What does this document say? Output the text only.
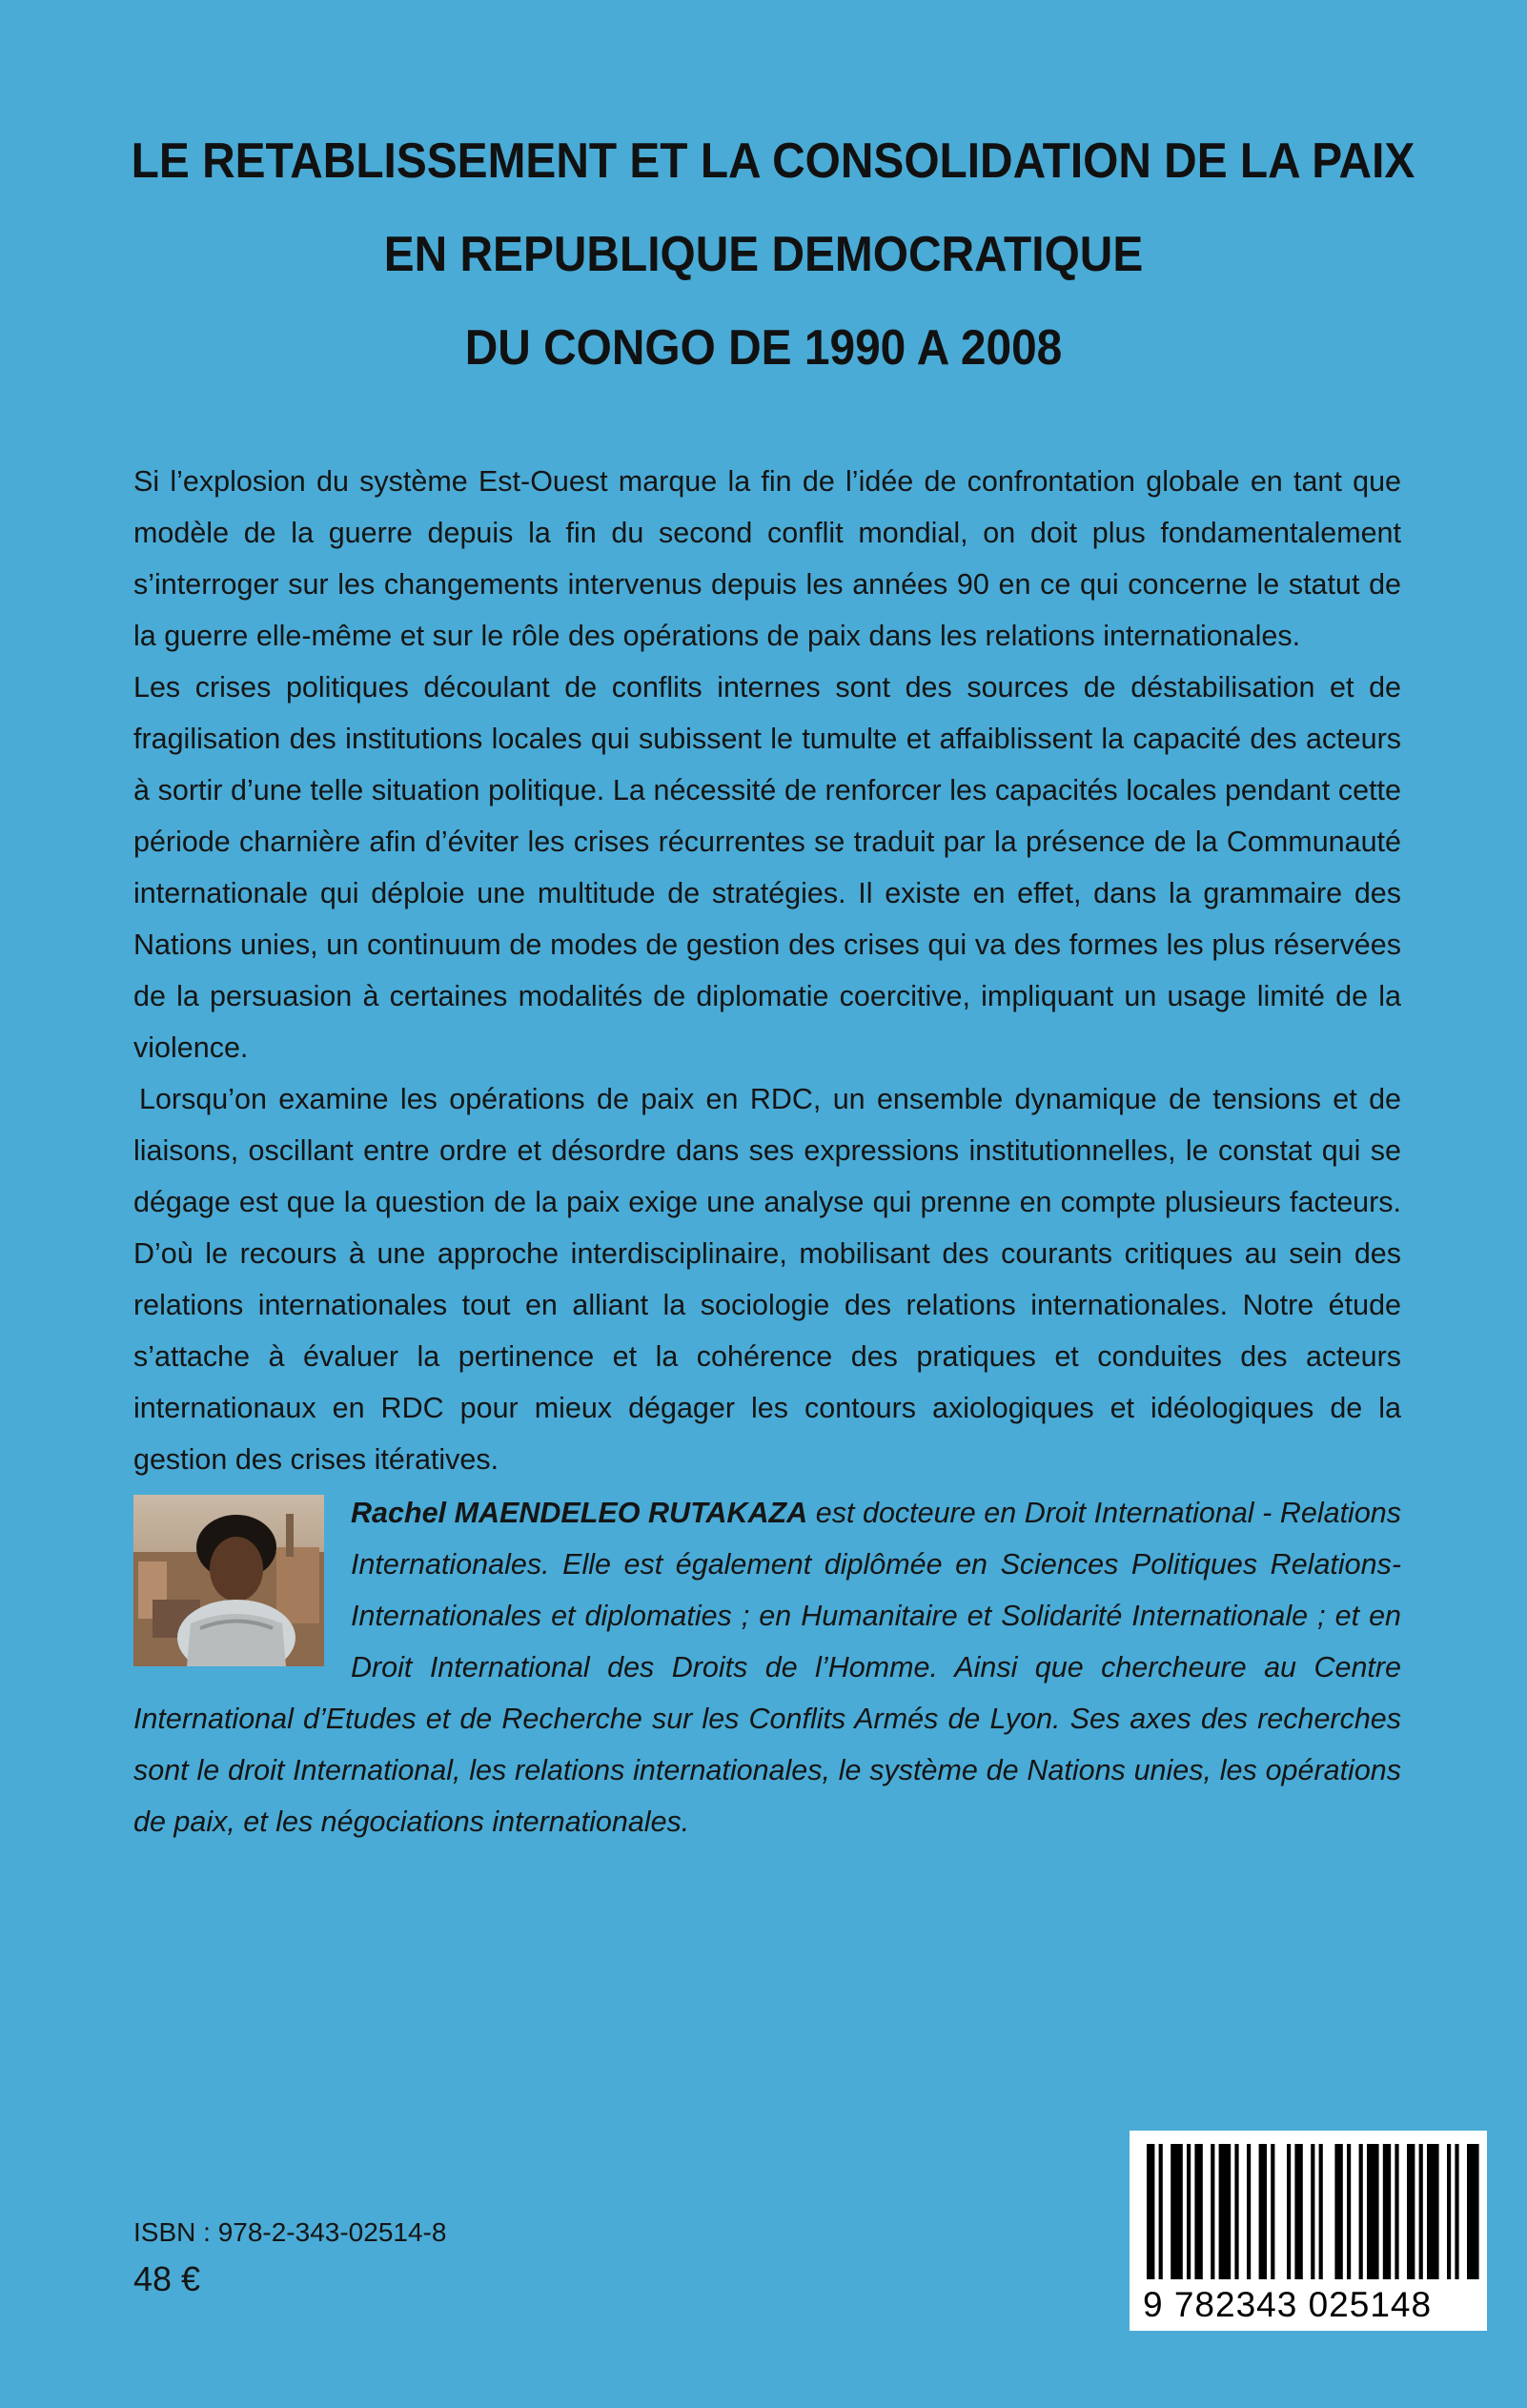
LE RETABLISSEMENT ET LA CONSOLIDATION DE LA PAIX
EN REPUBLIQUE DEMOCRATIQUE
DU CONGO DE 1990 A 2008

Si l’explosion du système Est-Ouest marque la fin de l’idée de confrontation globale en tant que modèle de la guerre depuis la fin du second conflit mondial, on doit plus fondamentalement s’interroger sur les changements intervenus depuis les années 90 en ce qui concerne le statut de la guerre elle-même et sur le rôle des opérations de paix dans les relations internationales.

Les crises politiques découlant de conflits internes sont des sources de déstabilisation et de fragilisation des institutions locales qui subissent le tumulte et affaiblissent la capacité des acteurs à sortir d’une telle situation politique. La nécessité de renforcer les capacités locales pendant cette période charnière afin d’éviter les crises récurrentes se traduit par la présence de la Communauté internationale qui déploie une multitude de stratégies. Il existe en effet, dans la grammaire des Nations unies, un continuum de modes de gestion des crises qui va des formes les plus réservées de la persuasion à certaines modalités de diplomatie coercitive, impliquant un usage limité de la violence.

Lorsqu’on examine les opérations de paix en RDC, un ensemble dynamique de tensions et de liaisons, oscillant entre ordre et désordre dans ses expressions institutionnelles, le constat qui se dégage est que la question de la paix exige une analyse qui prenne en compte plusieurs facteurs. D’où le recours à une approche interdisciplinaire, mobilisant des courants critiques au sein des relations internationales tout en alliant la sociologie des relations internationales. Notre étude s’attache à évaluer la pertinence et la cohérence des pratiques et conduites des acteurs internationaux en RDC pour mieux dégager les contours axiologiques et idéologiques de la gestion des crises itératives.

Rachel MAENDELEO RUTAKAZA est docteure en Droit International - Relations Internationales. Elle est également diplômée en Sciences Politiques Relations-Internationales et diplomaties ; en Humanitaire et Solidarité Internationale ; et en Droit International des Droits de l’Homme. Ainsi que chercheure au Centre International d’Etudes et de Recherche sur les Conflits Armés de Lyon. Ses axes des recherches sont le droit International, les relations internationales, le système de Nations unies, les opérations de paix, et les négociations internationales.
ISBN : 978-2-343-02514-8
48 €
9 782343 025148
